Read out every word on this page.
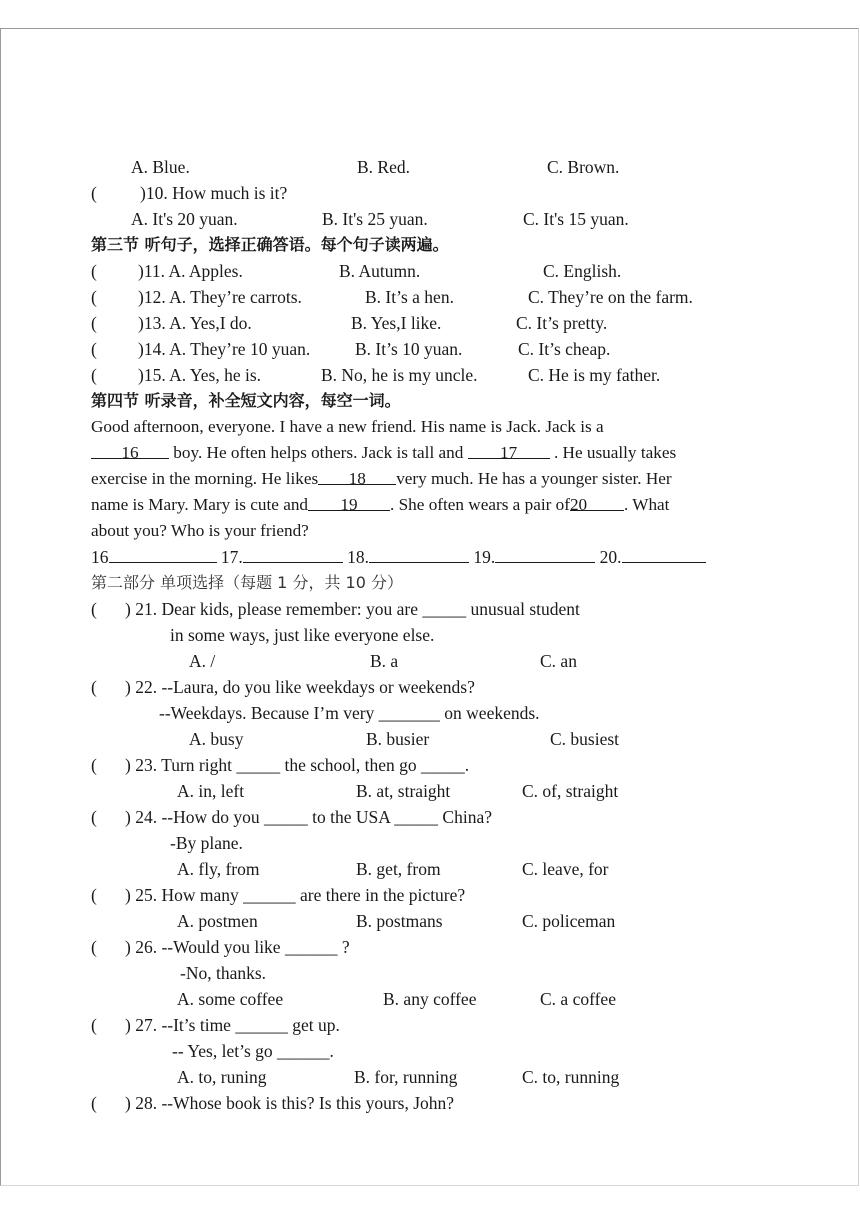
A. Blue.	B. Red.	C. Brown.
( )10. How much is it?
A. It's 20 yuan.	B. It's 25 yuan.	C. It's 15 yuan.
第三节 听句子，选择正确答语。每个句子读两遍。
( )11. A. Apples.	B. Autumn.	C. English.
( )12. A. They’re carrots.	B. It’s a hen.	C. They’re on the farm.
( )13. A. Yes,I do.	B. Yes,I like.	C. It’s pretty.
( )14. A. They’re 10 yuan.	B. It’s 10 yuan.	C. It’s cheap.
( )15. A. Yes, he is.	B. No, he is my uncle.	C. He is my father.
第四节 听录音，补全短文内容，每空一词。
Good afternoon, everyone. I have a new friend. His name is Jack. Jack is a
16 boy. He often helps others. Jack is tall and 17 . He usually takes
exercise in the morning. He likes18very much. He has a younger sister. Her
name is Mary. Mary is cute and19. She often wears a pair of20 . What
about you? Who is your friend?
16	17.	18.	19.	20.
第二部分 单项选择（每题 1 分，共 10 分）
( ) 21. Dear kids, please remember: you are _____ unusual student
in some ways, just like everyone else.
A. /	B. a	C. an
( ) 22. --Laura, do you like weekdays or weekends?
--Weekdays. Because I’m very _______ on weekends.
A. busy	B. busier	C. busiest
( ) 23. Turn right _____ the school, then go _____.
A. in, left	B. at, straight	C. of, straight
( ) 24. --How do you _____ to the USA _____ China?
-By plane.
A. fly, from	B. get, from	C. leave, for
( ) 25. How many ______ are there in the picture?
A. postmen	B. postmans	C. policeman
( ) 26. --Would you like ______ ?
-No, thanks.
A. some coffee	B. any coffee	C. a coffee
( ) 27. --It’s time ______ get up.
-- Yes, let’s go ______.
A. to, runing	B. for, running	C. to, running
( ) 28. --Whose book is this? Is this yours, John?
